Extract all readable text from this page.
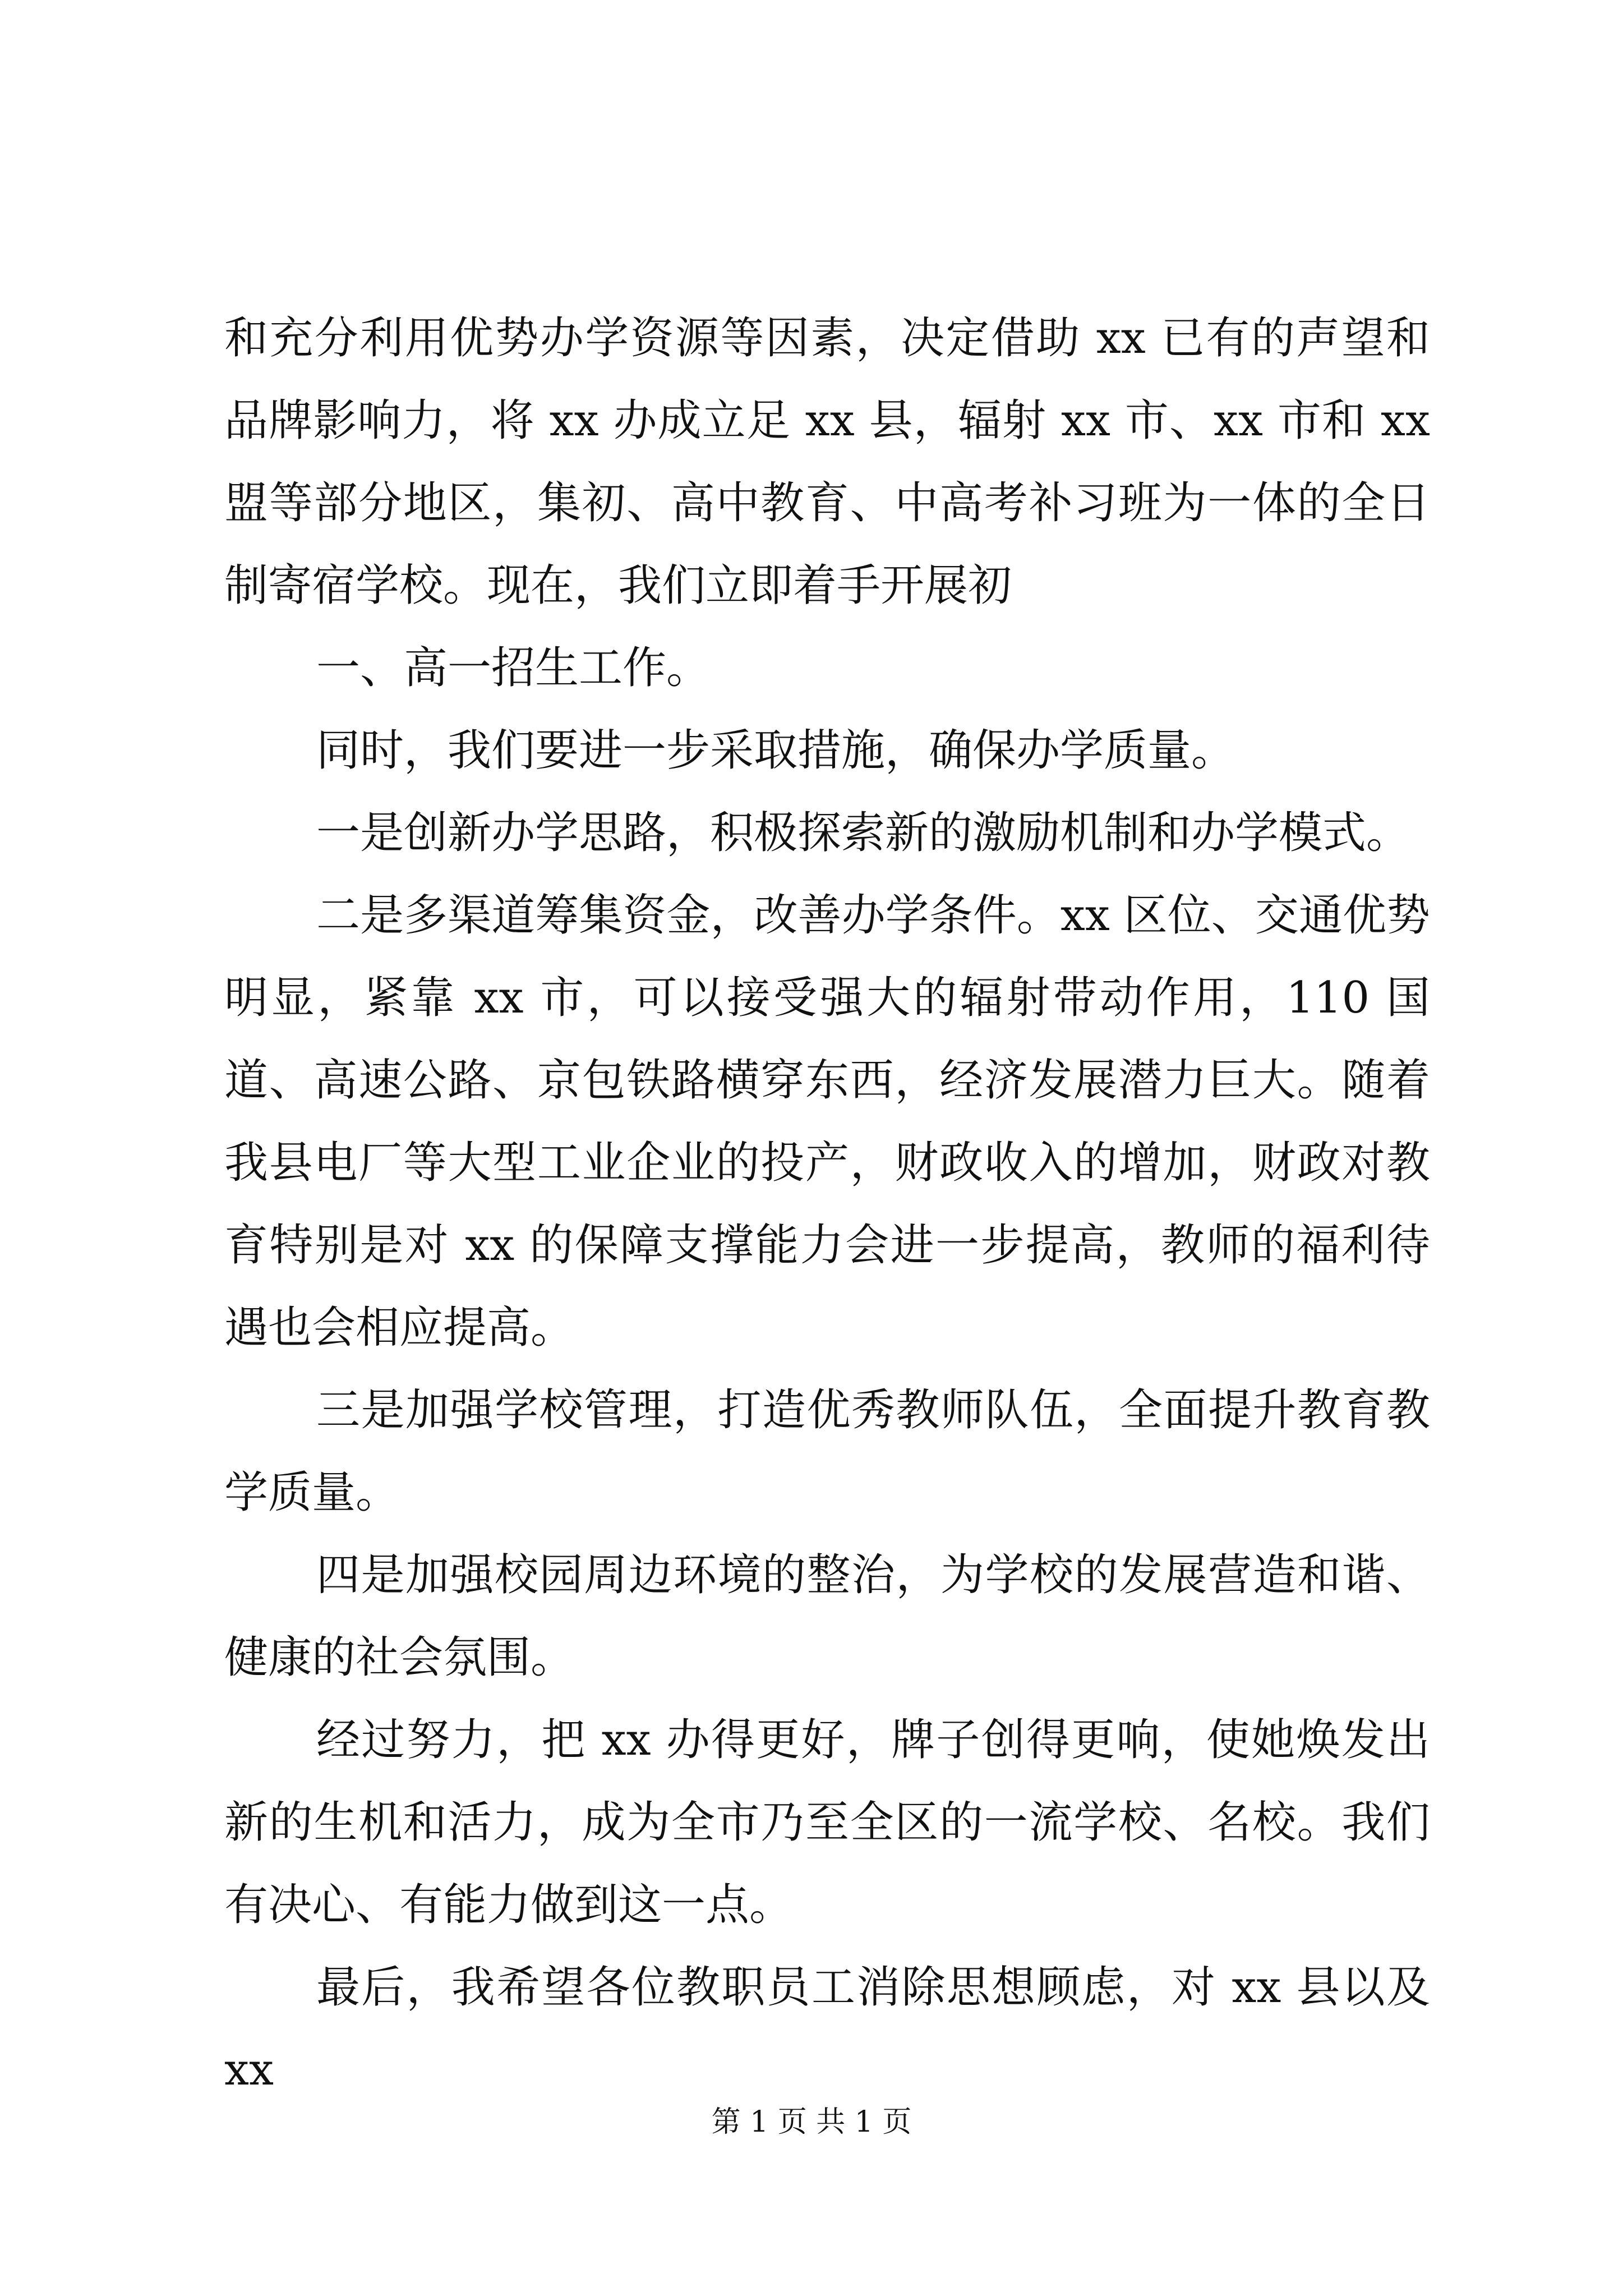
和充分利用优势办学资源等因素，决定借助 xx 已有的声望和品牌影响力，将 xx 办成立足 xx 县，辐射 xx 市、xx 市和 xx 盟等部分地区，集初、高中教育、中高考补习班为一体的全日制寄宿学校。现在，我们立即着手开展初

一、高一招生工作。

同时，我们要进一步采取措施，确保办学质量。

一是创新办学思路，积极探索新的激励机制和办学模式。

二是多渠道筹集资金，改善办学条件。xx 区位、交通优势明显，紧靠 xx 市，可以接受强大的辐射带动作用，110 国道、高速公路、京包铁路横穿东西，经济发展潜力巨大。随着我县电厂等大型工业企业的投产，财政收入的增加，财政对教育特别是对 xx 的保障支撑能力会进一步提高，教师的福利待遇也会相应提高。

三是加强学校管理，打造优秀教师队伍，全面提升教育教学质量。

四是加强校园周边环境的整治，为学校的发展营造和谐、健康的社会氛围。

经过努力，把 xx 办得更好，牌子创得更响，使她焕发出新的生机和活力，成为全市乃至全区的一流学校、名校。我们有决心、有能力做到这一点。

最后，我希望各位教职员工消除思想顾虑，对 xx 县以及 xx

第 1 页 共 1 页
